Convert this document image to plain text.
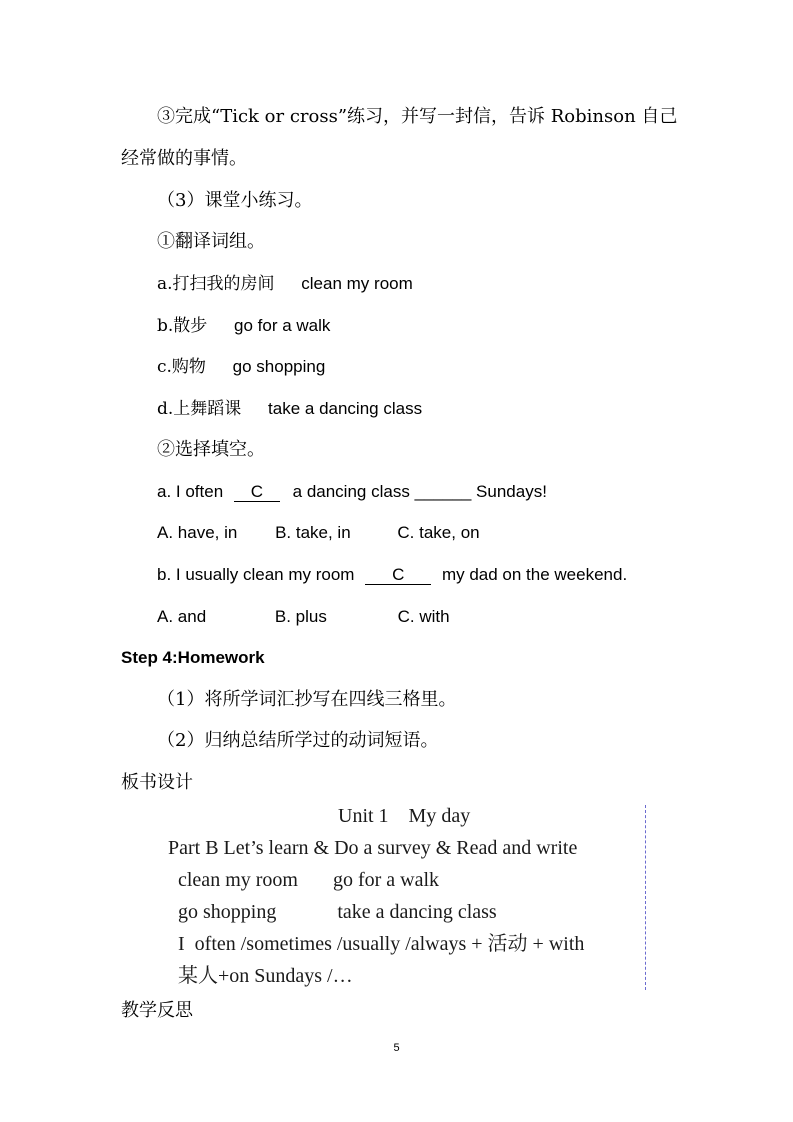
③完成“Tick or cross”练习，并写一封信，告诉 Robinson 自己
经常做的事情。
（3）课堂小练习。
①翻译词组。
a.打扫我的房间 clean my room
b.散步 go for a walk
c.购物 go shopping
d.上舞蹈课 take a dancing class
②选择填空。
a. I often C a dancing class ______ Sundays!
A. have, in B. take, in	C. take, on
b. I usually clean my room C my dad on the weekend.
A. and	B. plus	C. with
Step 4:Homework
（1）将所学词汇抄写在四线三格里。
（2）归纳总结所学过的动词短语。
板书设计
Unit 1    My day
Part B Let’s learn & Do a survey & Read and write
clean my room go for a walk
go shopping	take a dancing class
I  often /sometimes /usually /always + 活动 + with
某人+on Sundays /…
教学反思
5
